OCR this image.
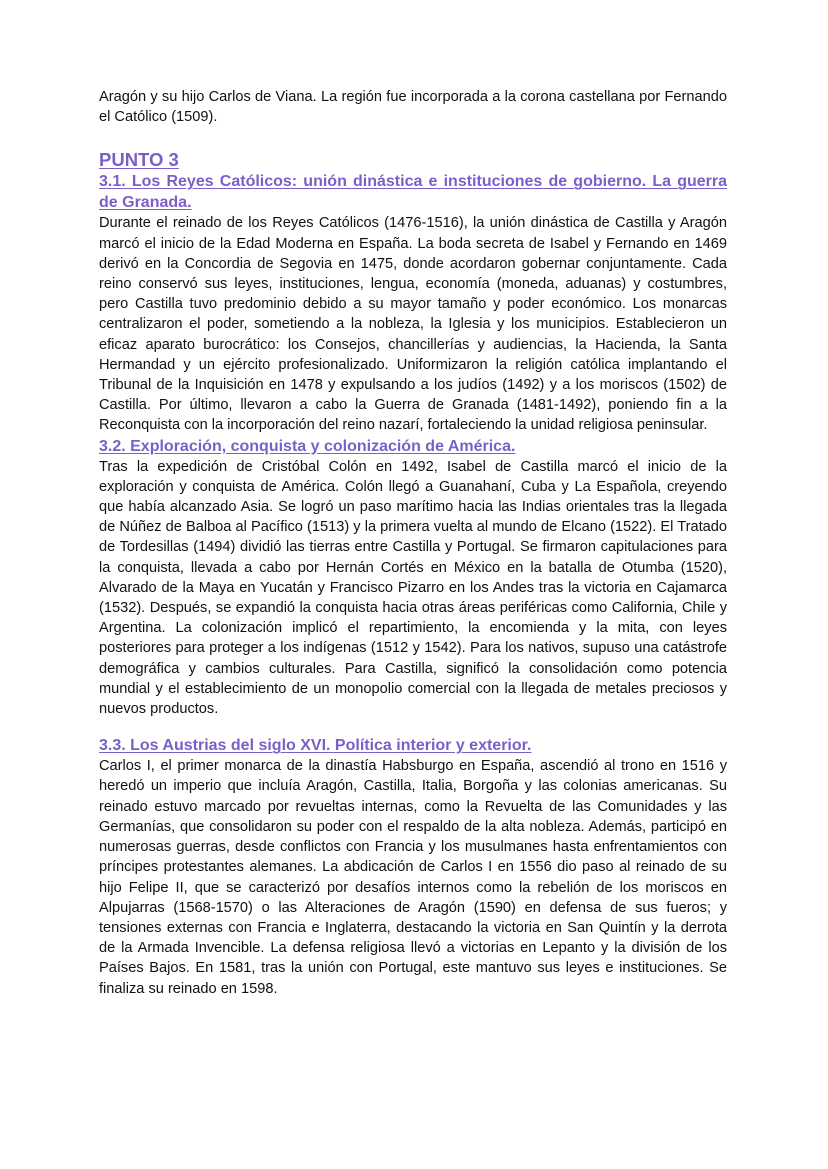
Aragón y su hijo Carlos de Viana. La región fue incorporada a la corona castellana por Fernando el Católico (1509).

PUNTO 3
3.1. Los Reyes Católicos: unión dinástica e instituciones de gobierno. La guerra de Granada.

Durante el reinado de los Reyes Católicos (1476-1516), la unión dinástica de Castilla y Aragón marcó el inicio de la Edad Moderna en España. La boda secreta de Isabel y Fernando en 1469 derivó en la Concordia de Segovia en 1475, donde acordaron gobernar conjuntamente. Cada reino conservó sus leyes, instituciones, lengua, economía (moneda, aduanas) y costumbres, pero Castilla tuvo predominio debido a su mayor tamaño y poder económico. Los monarcas centralizaron el poder, sometiendo a la nobleza, la Iglesia y los municipios. Establecieron un eficaz aparato burocrático: los Consejos, chancillerías y audiencias, la Hacienda, la Santa Hermandad y un ejército profesionalizado. Uniformizaron la religión católica implantando el Tribunal de la Inquisición en 1478 y expulsando a los judíos (1492) y a los moriscos (1502) de Castilla. Por último, llevaron a cabo la Guerra de Granada (1481-1492), poniendo fin a la Reconquista con la incorporación del reino nazarí, fortaleciendo la unidad religiosa peninsular.

3.2. Exploración, conquista y colonización de América.

Tras la expedición de Cristóbal Colón en 1492, Isabel de Castilla marcó el inicio de la exploración y conquista de América. Colón llegó a Guanahaní, Cuba y La Española, creyendo que había alcanzado Asia. Se logró un paso marítimo hacia las Indias orientales tras la llegada de Núñez de Balboa al Pacífico (1513) y la primera vuelta al mundo de Elcano (1522). El Tratado de Tordesillas (1494) dividió las tierras entre Castilla y Portugal. Se firmaron capitulaciones para la conquista, llevada a cabo por Hernán Cortés en México en la batalla de Otumba (1520), Alvarado de la Maya en Yucatán y Francisco Pizarro en los Andes tras la victoria en Cajamarca (1532). Después, se expandió la conquista hacia otras áreas periféricas como California, Chile y Argentina. La colonización implicó el repartimiento, la encomienda y la mita, con leyes posteriores para proteger a los indígenas (1512 y 1542). Para los nativos, supuso una catástrofe demográfica y cambios culturales. Para Castilla, significó la consolidación como potencia mundial y el establecimiento de un monopolio comercial con la llegada de metales preciosos y nuevos productos.

3.3. Los Austrias del siglo XVI. Política interior y exterior.

Carlos I, el primer monarca de la dinastía Habsburgo en España, ascendió al trono en 1516 y heredó un imperio que incluía Aragón, Castilla, Italia, Borgoña y las colonias americanas. Su reinado estuvo marcado por revueltas internas, como la Revuelta de las Comunidades y las Germanías, que consolidaron su poder con el respaldo de la alta nobleza. Además, participó en numerosas guerras, desde conflictos con Francia y los musulmanes hasta enfrentamientos con príncipes protestantes alemanes. La abdicación de Carlos I en 1556 dio paso al reinado de su hijo Felipe II, que se caracterizó por desafíos internos como la rebelión de los moriscos en Alpujarras (1568-1570) o las Alteraciones de Aragón (1590) en defensa de sus fueros; y tensiones externas con Francia e Inglaterra, destacando la victoria en San Quintín y la derrota de la Armada Invencible. La defensa religiosa llevó a victorias en Lepanto y la división de los Países Bajos. En 1581, tras la unión con Portugal, este mantuvo sus leyes e instituciones. Se finaliza su reinado en 1598.
